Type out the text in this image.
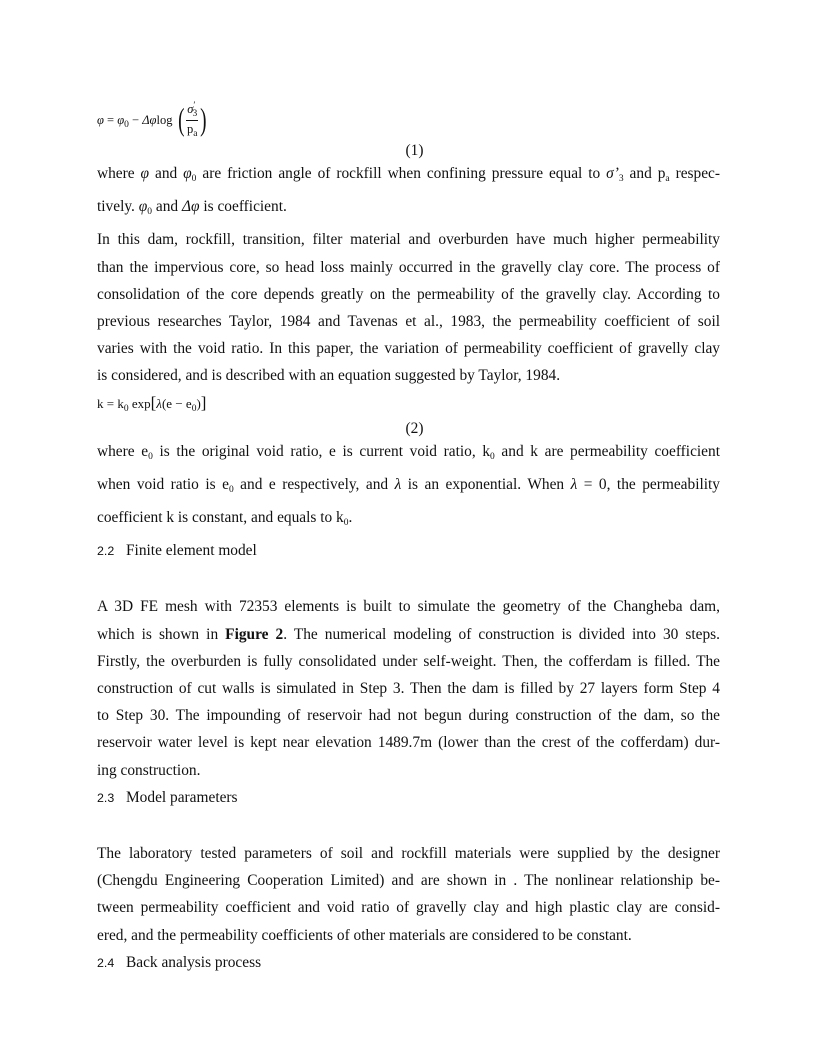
$\varphi = \varphi_0 - \Delta\varphi\log$ ( $\frac{\sigma'_3}{p_a}$ )
(1)
where φ and $\varphi_0$ are friction angle of rockfill when confining pressure equal to $\sigma’_3$ and $p_a$ respec-
tively. $\varphi_0$ and Δφ is coefficient.
In this dam, rockfill, transition, filter material and overburden have much higher permeability
than the impervious core, so head loss mainly occurred in the gravelly clay core. The process of
consolidation of the core depends greatly on the permeability of the gravelly clay. According to
previous researches Taylor, 1984 and Tavenas et al., 1983, the permeability coefficient of soil
varies with the void ratio. In this paper, the variation of permeability coefficient of gravelly clay
is considered, and is described with an equation suggested by Taylor, 1984.
$k = k_0$ $\exp[\lambda(e - e_0)]$
(2)
where $e_0$ is the original void ratio, e is current void ratio, $k_0$ and k are permeability coefficient
when void ratio is $e_0$ and e respectively, and λ is an exponential. When λ = 0, the permeability
coefficient k is constant, and equals to $k_0$.
2.2 Finite element model
A 3D FE mesh with 72353 elements is built to simulate the geometry of the Changheba dam,
which is shown in Figure 2. The numerical modeling of construction is divided into 30 steps.
Firstly, the overburden is fully consolidated under self-weight. Then, the cofferdam is filled. The
construction of cut walls is simulated in Step 3. Then the dam is filled by 27 layers form Step 4
to Step 30. The impounding of reservoir had not begun during construction of the dam, so the
reservoir water level is kept near elevation 1489.7m (lower than the crest of the cofferdam) dur-
ing construction.
2.3 Model parameters
The laboratory tested parameters of soil and rockfill materials were supplied by the designer
(Chengdu Engineering Cooperation Limited) and are shown in . The nonlinear relationship be-
tween permeability coefficient and void ratio of gravelly clay and high plastic clay are consid-
ered, and the permeability coefficients of other materials are considered to be constant.
2.4 Back analysis process
